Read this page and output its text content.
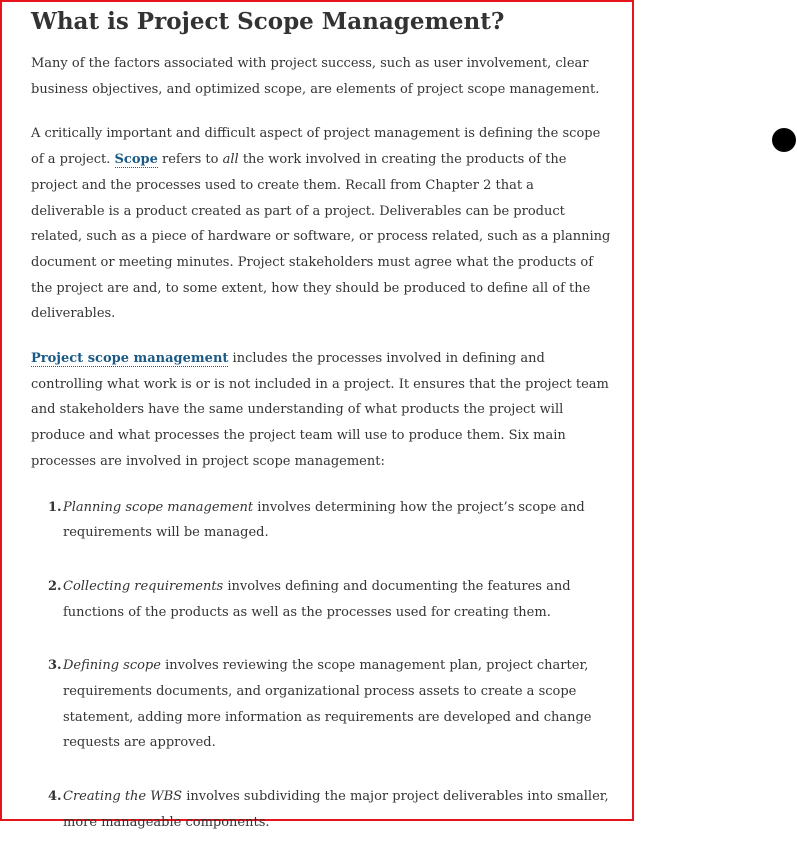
What is Project Scope Management?

Many of the factors associated with project success, such as user involvement, clear business objectives, and optimized scope, are elements of project scope management.

A critically important and difficult aspect of project management is defining the scope of a project. Scope refers to all the work involved in creating the products of the project and the processes used to create them. Recall from Chapter 2 that a deliverable is a product created as part of a project. Deliverables can be product related, such as a piece of hardware or software, or process related, such as a planning document or meeting minutes. Project stakeholders must agree what the products of the project are and, to some extent, how they should be produced to define all of the deliverables.

Project scope management includes the processes involved in defining and controlling what work is or is not included in a project. It ensures that the project team and stakeholders have the same understanding of what products the project will produce and what processes the project team will use to produce them. Six main processes are involved in project scope management:

1. Planning scope management involves determining how the project’s scope and requirements will be managed.
2. Collecting requirements involves defining and documenting the features and functions of the products as well as the processes used for creating them.
3. Defining scope involves reviewing the scope management plan, project charter, requirements documents, and organizational process assets to create a scope statement, adding more information as requirements are developed and change requests are approved.
4. Creating the WBS involves subdividing the major project deliverables into smaller, more manageable components.
